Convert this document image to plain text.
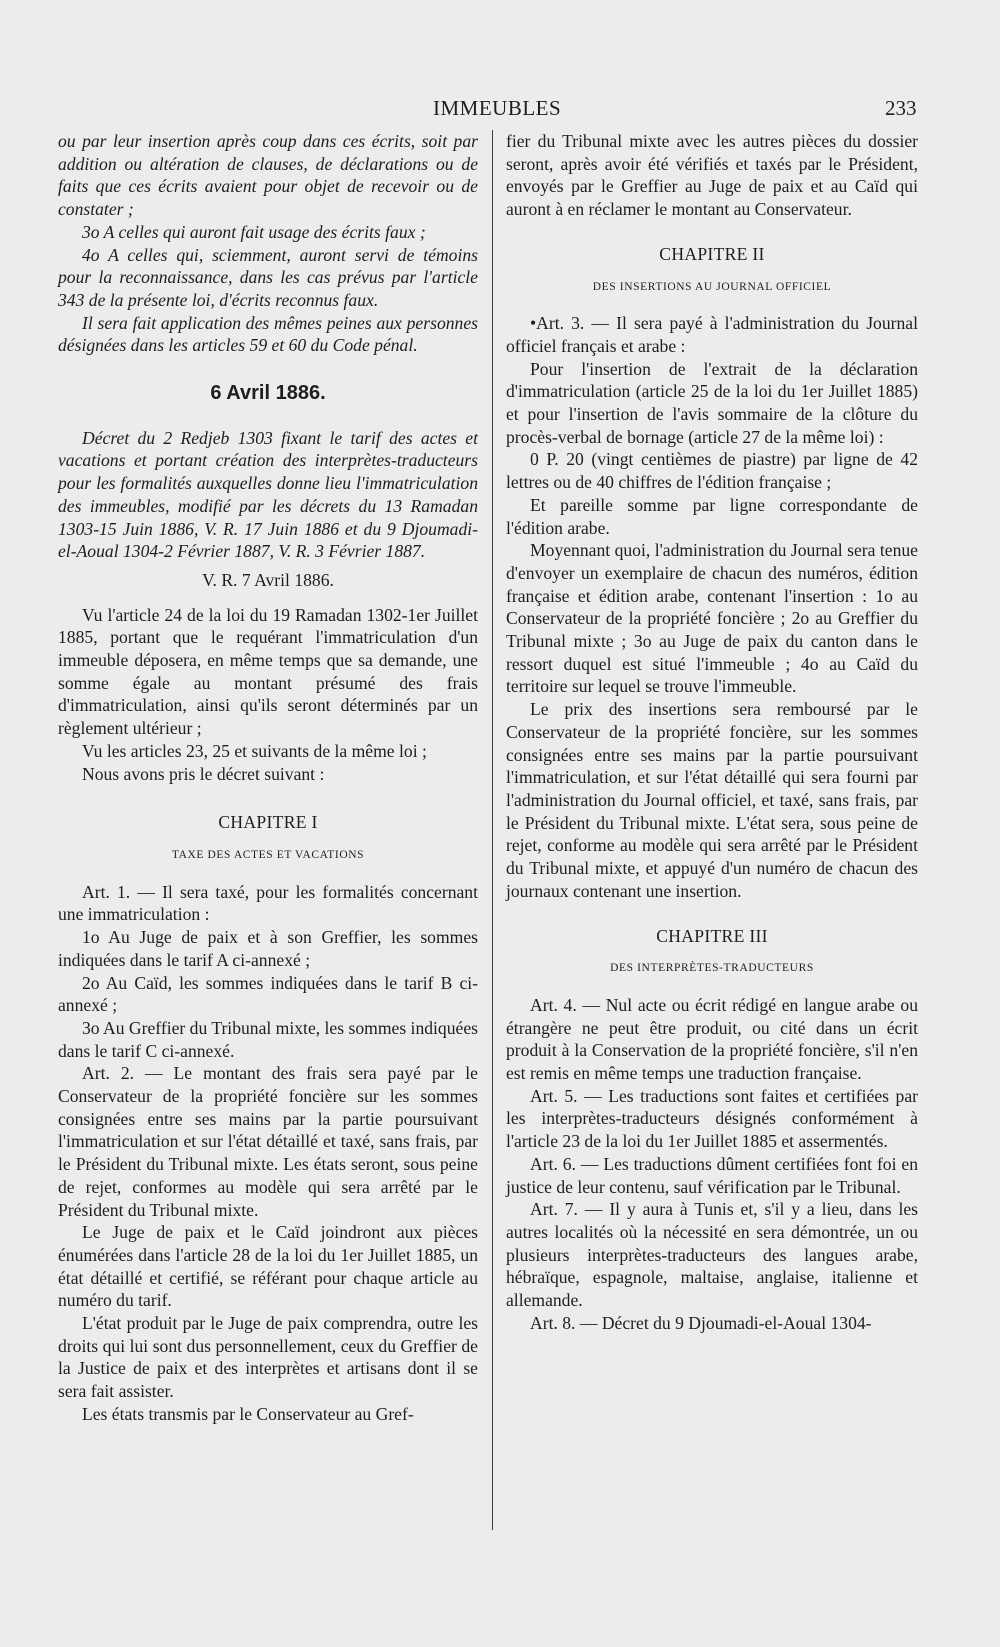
IMMEUBLES	233

ou par leur insertion après coup dans ces écrits, soit par addition ou altération de clauses, de déclarations ou de faits que ces écrits avaient pour objet de recevoir ou de constater ;

3o A celles qui auront fait usage des écrits faux ;

4o A celles qui, sciemment, auront servi de témoins pour la reconnaissance, dans les cas prévus par l'article 343 de la présente loi, d'écrits reconnus faux.

Il sera fait application des mêmes peines aux personnes désignées dans les articles 59 et 60 du Code pénal.

6 Avril 1886.

Décret du 2 Redjeb 1303 fixant le tarif des actes et vacations et portant création des interprètes-traducteurs pour les formalités auxquelles donne lieu l'immatriculation des immeubles, modifié par les décrets du 13 Ramadan 1303-15 Juin 1886, V. R. 17 Juin 1886 et du 9 Djoumadi-el-Aoual 1304-2 Février 1887, V. R. 3 Février 1887.

V. R. 7 Avril 1886.

Vu l'article 24 de la loi du 19 Ramadan 1302-1er Juillet 1885, portant que le requérant l'immatriculation d'un immeuble déposera, en même temps que sa demande, une somme égale au montant présumé des frais d'immatriculation, ainsi qu'ils seront déterminés par un règlement ultérieur ;

Vu les articles 23, 25 et suivants de la même loi ;

Nous avons pris le décret suivant :

CHAPITRE I
TAXE DES ACTES ET VACATIONS

Art. 1. — Il sera taxé, pour les formalités concernant une immatriculation :

1o Au Juge de paix et à son Greffier, les sommes indiquées dans le tarif A ci-annexé ;

2o Au Caïd, les sommes indiquées dans le tarif B ci-annexé ;

3o Au Greffier du Tribunal mixte, les sommes indiquées dans le tarif C ci-annexé.

Art. 2. — Le montant des frais sera payé par le Conservateur de la propriété foncière sur les sommes consignées entre ses mains par la partie poursuivant l'immatriculation et sur l'état détaillé et taxé, sans frais, par le Président du Tribunal mixte. Les états seront, sous peine de rejet, conformes au modèle qui sera arrêté par le Président du Tribunal mixte.

Le Juge de paix et le Caïd joindront aux pièces énumérées dans l'article 28 de la loi du 1er Juillet 1885, un état détaillé et certifié, se référant pour chaque article au numéro du tarif.

L'état produit par le Juge de paix comprendra, outre les droits qui lui sont dus personnellement, ceux du Greffier de la Justice de paix et des interprètes et artisans dont il se sera fait assister.

Les états transmis par le Conservateur au Gref-

fier du Tribunal mixte avec les autres pièces du dossier seront, après avoir été vérifiés et taxés par le Président, envoyés par le Greffier au Juge de paix et au Caïd qui auront à en réclamer le montant au Conservateur.

CHAPITRE II
DES INSERTIONS AU JOURNAL OFFICIEL

•Art. 3. — Il sera payé à l'administration du Journal officiel français et arabe :

Pour l'insertion de l'extrait de la déclaration d'immatriculation (article 25 de la loi du 1er Juillet 1885) et pour l'insertion de l'avis sommaire de la clôture du procès-verbal de bornage (article 27 de la même loi) :

0 P. 20 (vingt centièmes de piastre) par ligne de 42 lettres ou de 40 chiffres de l'édition française ;

Et pareille somme par ligne correspondante de l'édition arabe.

Moyennant quoi, l'administration du Journal sera tenue d'envoyer un exemplaire de chacun des numéros, édition française et édition arabe, contenant l'insertion : 1o au Conservateur de la propriété foncière ; 2o au Greffier du Tribunal mixte ; 3o au Juge de paix du canton dans le ressort duquel est situé l'immeuble ; 4o au Caïd du territoire sur lequel se trouve l'immeuble.

Le prix des insertions sera remboursé par le Conservateur de la propriété foncière, sur les sommes consignées entre ses mains par la partie poursuivant l'immatriculation, et sur l'état détaillé qui sera fourni par l'administration du Journal officiel, et taxé, sans frais, par le Président du Tribunal mixte. L'état sera, sous peine de rejet, conforme au modèle qui sera arrêté par le Président du Tribunal mixte, et appuyé d'un numéro de chacun des journaux contenant une insertion.

CHAPITRE III
DES INTERPRÈTES-TRADUCTEURS

Art. 4. — Nul acte ou écrit rédigé en langue arabe ou étrangère ne peut être produit, ou cité dans un écrit produit à la Conservation de la propriété foncière, s'il n'en est remis en même temps une traduction française.

Art. 5. — Les traductions sont faites et certifiées par les interprètes-traducteurs désignés conformément à l'article 23 de la loi du 1er Juillet 1885 et assermentés.

Art. 6. — Les traductions dûment certifiées font foi en justice de leur contenu, sauf vérification par le Tribunal.

Art. 7. — Il y aura à Tunis et, s'il y a lieu, dans les autres localités où la nécessité en sera démontrée, un ou plusieurs interprètes-traducteurs des langues arabe, hébraïque, espagnole, maltaise, anglaise, italienne et allemande.

Art. 8. — Décret du 9 Djoumadi-el-Aoual 1304-
